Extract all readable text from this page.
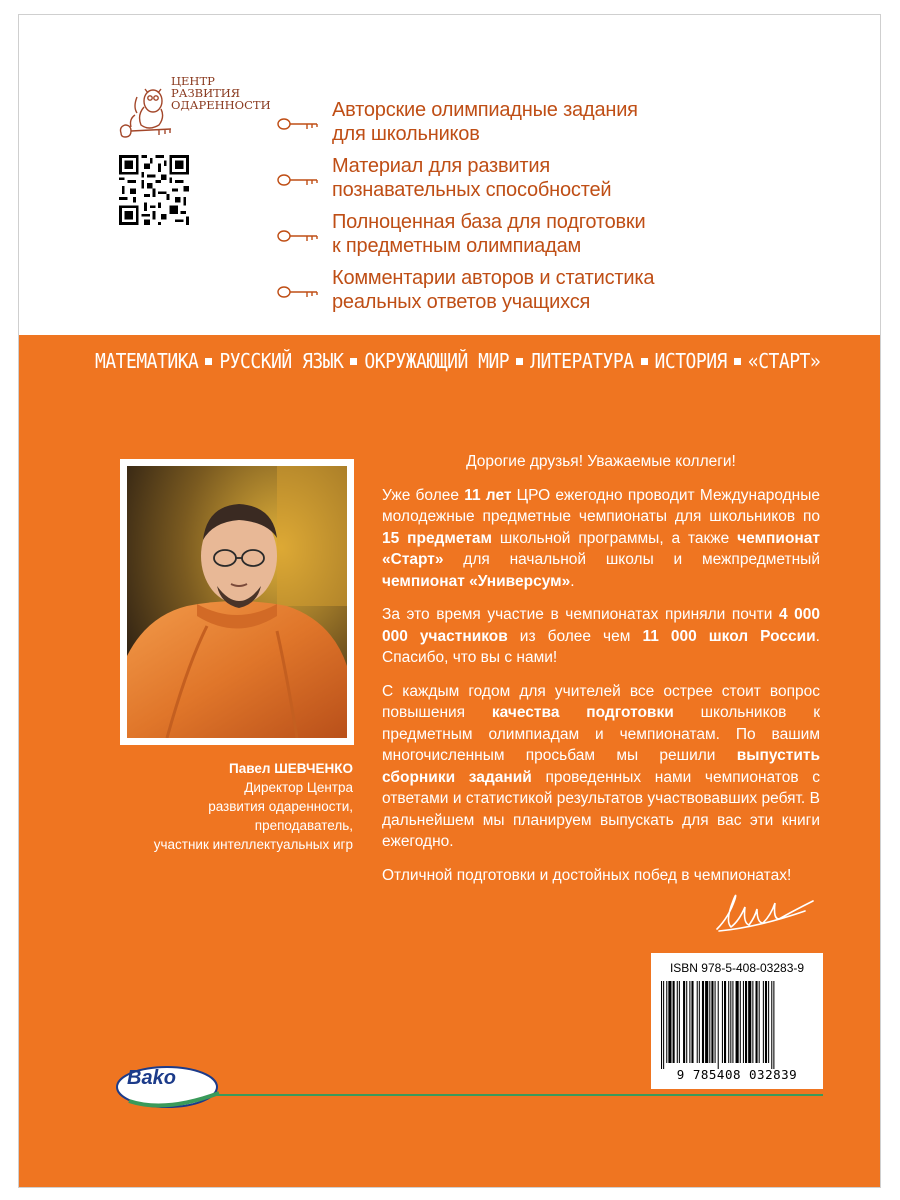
ЦЕНТР
РАЗВИТИЯ
ОДАРЕННОСТИ	Авторские олимпиадные задания
для школьников
Материал для развития
познавательных способностей
Полноценная база для подготовки
к предметным олимпиадам
Комментарии авторов и статистика
реальных ответов учащихся
МАТЕМАТИКА РУССКИЙ ЯЗЫК ОКРУЖАЮЩИЙ МИР ЛИТЕРАТУРА ИСТОРИЯ «СТАРТ»
Павел ШЕВЧЕНКО
Директор Центра
развития одаренности,
преподаватель,
участник интеллектуальных игр
Дорогие друзья! Уважаемые коллеги!
Уже более 11 лет ЦРО ежегодно проводит Международные молодежные предметные чемпионаты для школьников по 15 предметам школьной программы, а также чемпионат «Старт» для начальной школы и межпредметный чемпионат «Универсум».
За это время участие в чемпионатах приняли почти 4 000 000 участников из более чем 11 000 школ России. Спасибо, что вы с нами!
С каждым годом для учителей все острее стоит вопрос повышения качества подготовки школьников к предметным олимпиадам и чемпионатам. По вашим многочисленным просьбам мы решили выпустить сборники заданий проведенных нами чемпионатов с ответами и статистикой результатов участвовавших ребят. В дальнейшем мы планируем выпускать для вас эти книги ежегодно.
Отличной подготовки и достойных побед в чемпионатах!
ISBN 978-5-408-03283-9
9 785408 032839
Bako
